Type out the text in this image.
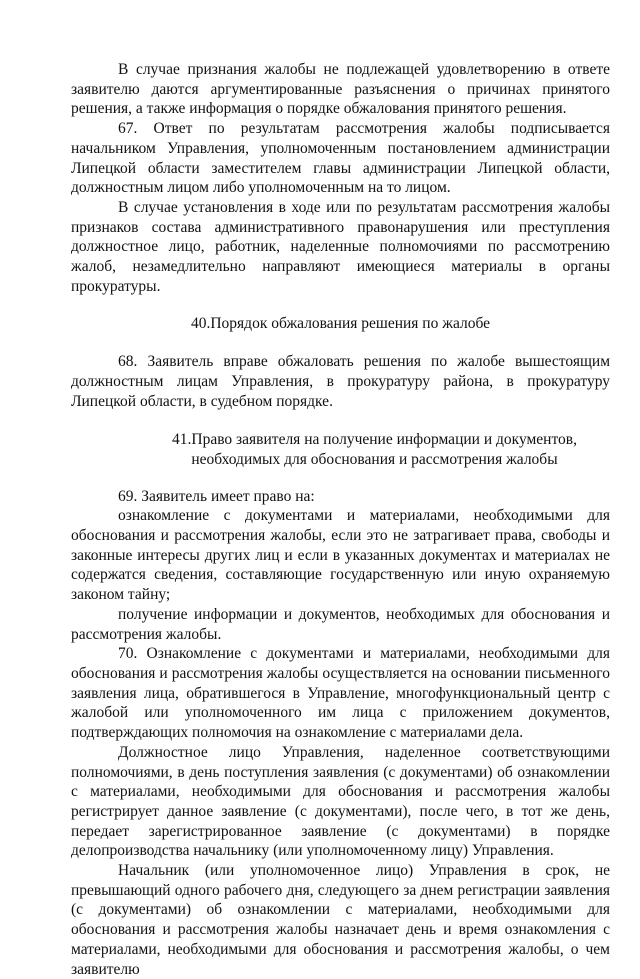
В случае признания жалобы не подлежащей удовлетворению в ответе заявителю даются аргументированные разъяснения о причинах принятого решения, а также информация о порядке обжалования принятого решения.

67. Ответ по результатам рассмотрения жалобы подписывается начальником Управления, уполномоченным постановлением администрации Липецкой области заместителем главы администрации Липецкой области, должностным лицом либо уполномоченным на то лицом.

В случае установления в ходе или по результатам рассмотрения жалобы признаков состава административного правонарушения или преступления должностное лицо, работник, наделенные полномочиями по рассмотрению жалоб, незамедлительно направляют имеющиеся материалы в органы прокуратуры.

40.Порядок обжалования решения по жалобе

68. Заявитель вправе обжаловать решения по жалобе вышестоящим должностным лицам Управления, в прокуратуру района, в прокуратуру Липецкой области, в судебном порядке.

41.Право заявителя на получение информации и документов,
необходимых для обоснования и рассмотрения жалобы

69. Заявитель имеет право на:

ознакомление с документами и материалами, необходимыми для обоснования и рассмотрения жалобы, если это не затрагивает права, свободы и законные интересы других лиц и если в указанных документах и материалах не содержатся сведения, составляющие государственную или иную охраняемую законом тайну;

получение информации и документов, необходимых для обоснования и рассмотрения жалобы.

70. Ознакомление с документами и материалами, необходимыми для обоснования и рассмотрения жалобы осуществляется на основании письменного заявления лица, обратившегося в Управление, многофункциональный центр с жалобой или уполномоченного им лица с приложением документов, подтверждающих полномочия на ознакомление с материалами дела.

Должностное лицо Управления, наделенное соответствующими полномочиями, в день поступления заявления (с документами) об ознакомлении с материалами, необходимыми для обоснования и рассмотрения жалобы регистрирует данное заявление (с документами), после чего, в тот же день, передает зарегистрированное заявление (с документами) в порядке делопроизводства начальнику (или уполномоченному лицу) Управления.

Начальник (или уполномоченное лицо) Управления в срок, не превышающий одного рабочего дня, следующего за днем регистрации заявления (с документами) об ознакомлении с материалами, необходимыми для обоснования и рассмотрения жалобы назначает день и время ознакомления с материалами, необходимыми для обоснования и рассмотрения жалобы, о чем заявителю
